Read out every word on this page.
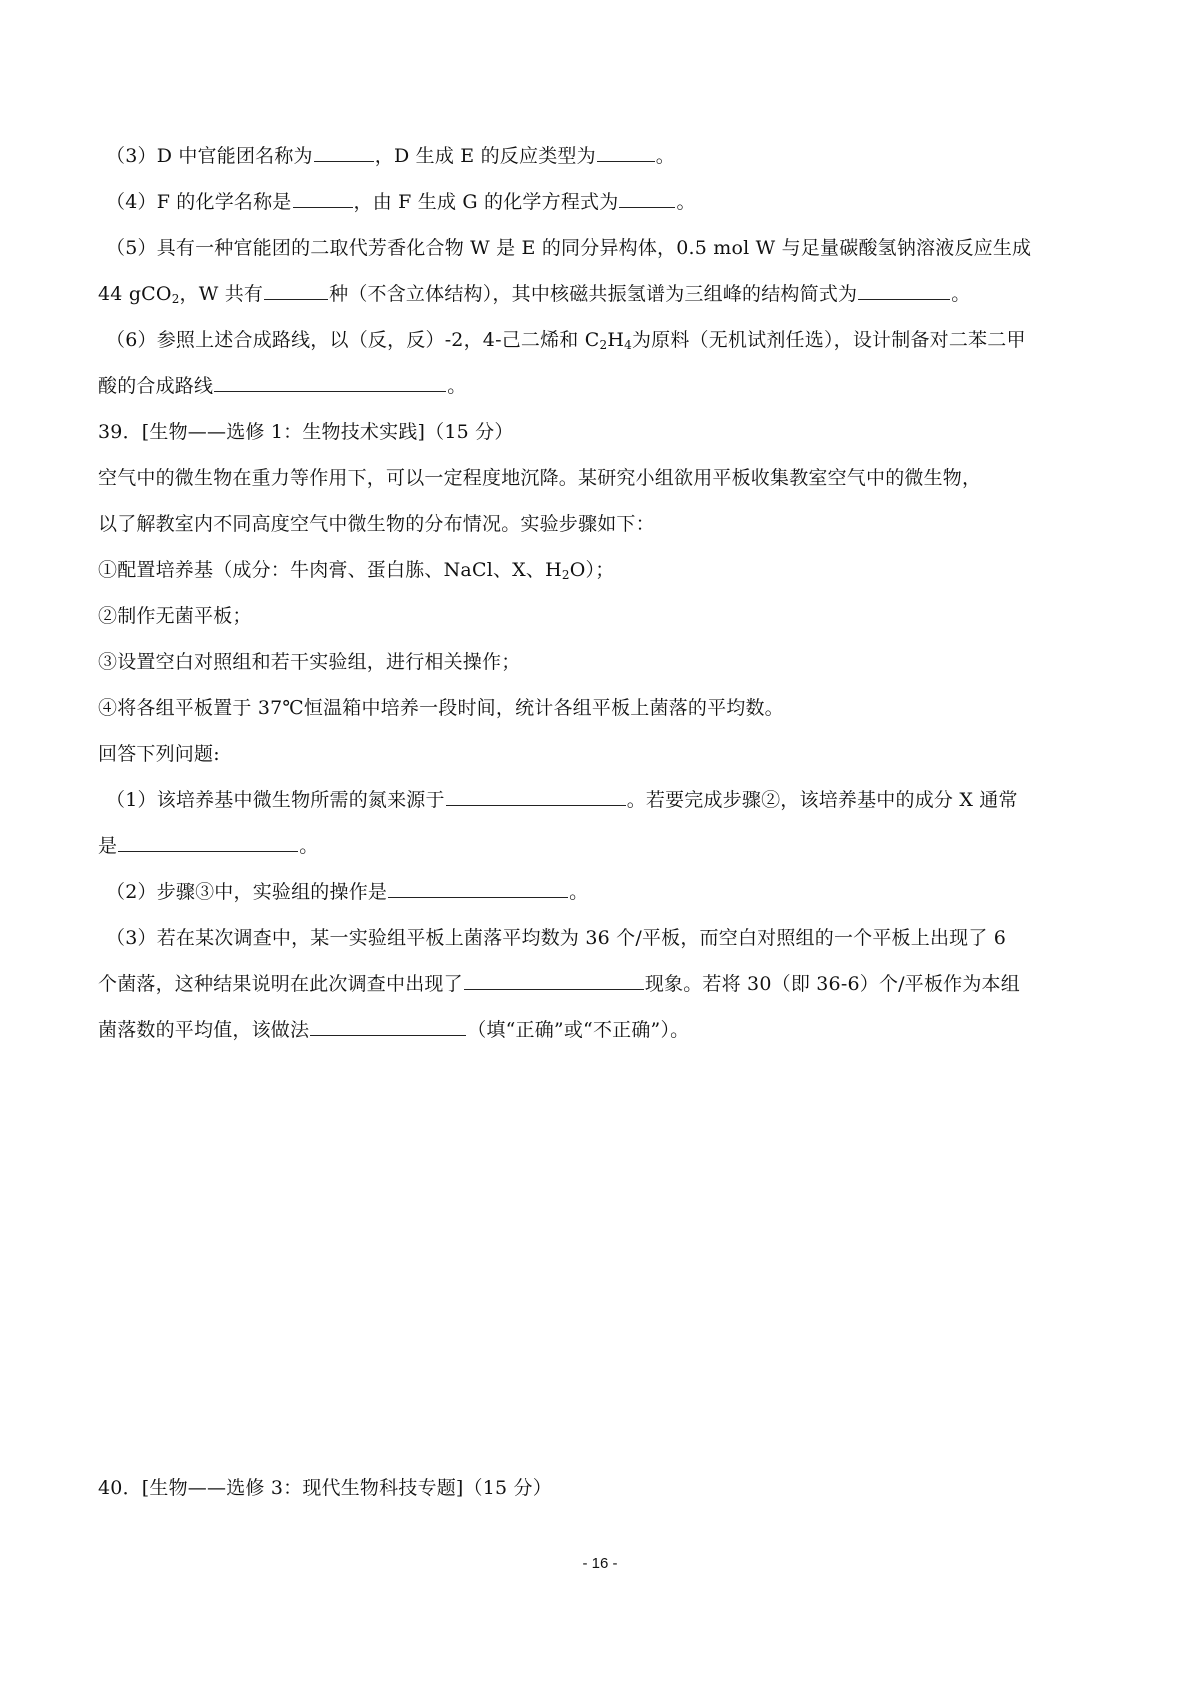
（3）D 中官能团名称为	，D 生成 E 的反应类型为	。
（4）F 的化学名称是	，由 F 生成 G 的化学方程式为	。
（5）具有一种官能团的二取代芳香化合物 W 是 E 的同分异构体，0.5 mol W 与足量碳酸氢钠溶液反应生成
44 gCO$_2$，W 共有	种（不含立体结构），其中核磁共振氢谱为三组峰的结构简式为	。
（6）参照上述合成路线，以（反，反）-2，4-己二烯和 $C_2H_4$为原料（无机试剂任选），设计制备对二苯二甲
酸的合成路线	。
39．[生物——选修 1：生物技术实践]（15 分）
空气中的微生物在重力等作用下，可以一定程度地沉降。某研究小组欲用平板收集教室空气中的微生物，
以了解教室内不同高度空气中微生物的分布情况。实验步骤如下：
①配置培养基（成分：牛肉膏、蛋白胨、NaCl、X、$H_2O$）；
②制作无菌平板；
③设置空白对照组和若干实验组，进行相关操作；
④将各组平板置于 37℃恒温箱中培养一段时间，统计各组平板上菌落的平均数。
回答下列问题:
（1）该培养基中微生物所需的氮来源于	。若要完成步骤②，该培养基中的成分 X 通常
是	。
（2）步骤③中，实验组的操作是	。
（3）若在某次调查中，某一实验组平板上菌落平均数为 36 个/平板，而空白对照组的一个平板上出现了 6
个菌落，这种结果说明在此次调查中出现了	现象。若将 30（即 36-6）个/平板作为本组
菌落数的平均值，该做法	（填“正确”或“不正确”）。
40．[生物——选修 3：现代生物科技专题]（15 分）
- 16 -
